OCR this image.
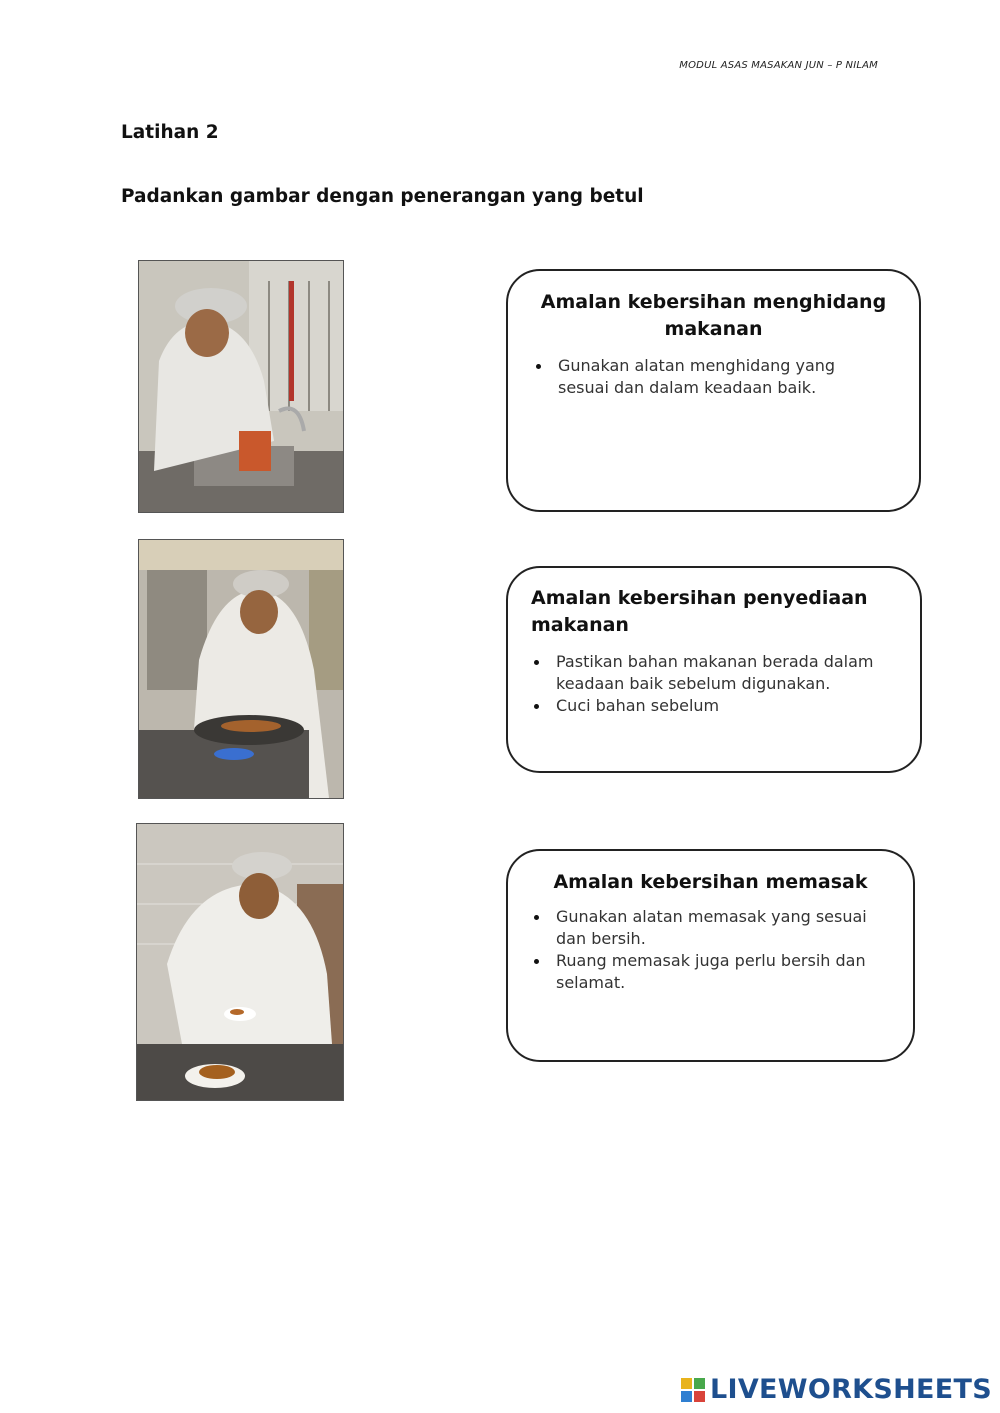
MODUL ASAS MASAKAN JUN – P NILAM
Latihan 2
Padankan gambar dengan penerangan yang betul
Amalan kebersihan menghidang
makanan
Gunakan alatan menghidang yang
sesuai dan dalam keadaan baik.
Amalan kebersihan penyediaan
makanan
Pastikan bahan makanan berada dalam
keadaan baik sebelum digunakan.
Cuci bahan sebelum
Amalan kebersihan memasak
Gunakan alatan memasak yang sesuai
dan bersih.
Ruang memasak juga perlu bersih dan
selamat.
LIVEWORKSHEETS
